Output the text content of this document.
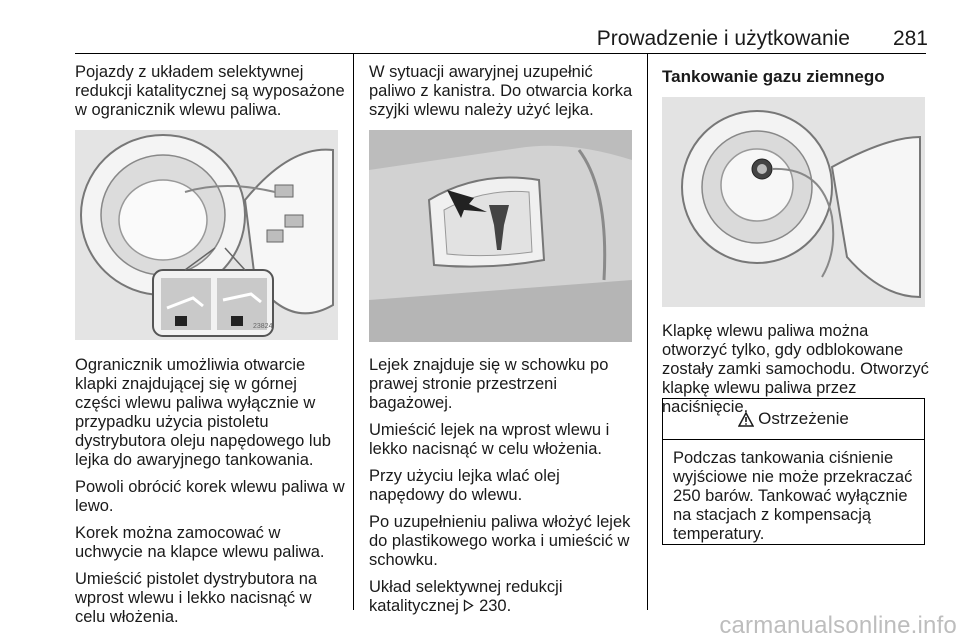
Prowadzenie i użytkowanie	281

Pojazdy z układem selektywnej redukcji katalitycznej są wyposażone w ogranicznik wlewu paliwa.

23824

Ogranicznik umożliwia otwarcie klapki znajdującej się w górnej części wlewu paliwa wyłącznie w przypadku użycia pistoletu dystrybutora oleju napędowego lub lejka do awaryjnego tankowania.

Powoli obrócić korek wlewu paliwa w lewo.

Korek można zamocować w uchwycie na klapce wlewu paliwa.

Umieścić pistolet dystrybutora na wprost wlewu i lekko nacisnąć w celu włożenia.

W sytuacji awaryjnej uzupełnić paliwo z kanistra. Do otwarcia korka szyjki wlewu należy użyć lejka.

Lejek znajduje się w schowku po prawej stronie przestrzeni bagażowej.

Umieścić lejek na wprost wlewu i lekko nacisnąć w celu włożenia.

Przy użyciu lejka wlać olej napędowy do wlewu.

Po uzupełnieniu paliwa włożyć lejek do plastikowego worka i umieścić w schowku.

Układ selektywnej redukcji katalitycznej 230.

Tankowanie gazu ziemnego

Klapkę wlewu paliwa można otworzyć tylko, gdy odblokowane zostały zamki samochodu. Otworzyć klapkę wlewu paliwa przez naciśnięcie.

Ostrzeżenie
Podczas tankowania ciśnienie wyjściowe nie może przekraczać 250 barów. Tankować wyłącznie na stacjach z kompensacją temperatury.
carmanualsonline.info
